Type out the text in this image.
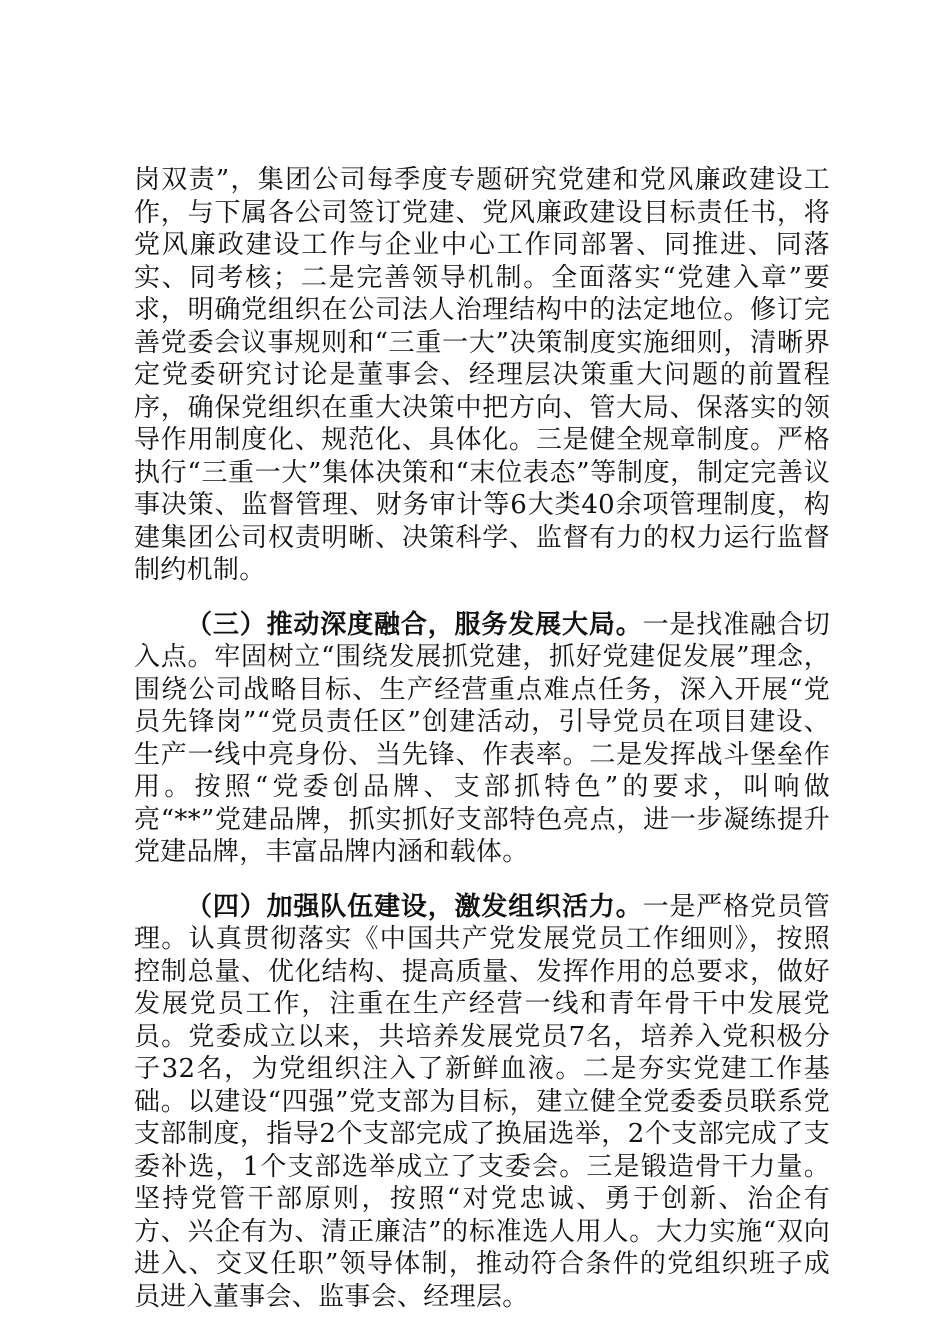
岗双责”，集团公司每季度专题研究党建和党风廉政建设工作，与下属各公司签订党建、党风廉政建设目标责任书，将党风廉政建设工作与企业中心工作同部署、同推进、同落实、同考核；二是完善领导机制。全面落实“党建入章”要求，明确党组织在公司法人治理结构中的法定地位。修订完善党委会议事规则和“三重一大”决策制度实施细则，清晰界定党委研究讨论是董事会、经理层决策重大问题的前置程序，确保党组织在重大决策中把方向、管大局、保落实的领导作用制度化、规范化、具体化。三是健全规章制度。严格执行“三重一大”集体决策和“末位表态”等制度，制定完善议事决策、监督管理、财务审计等6大类40余项管理制度，构建集团公司权责明晰、决策科学、监督有力的权力运行监督制约机制。

（三）推动深度融合，服务发展大局。一是找准融合切入点。牢固树立“围绕发展抓党建，抓好党建促发展”理念，围绕公司战略目标、生产经营重点难点任务，深入开展“党员先锋岗”“党员责任区”创建活动，引导党员在项目建设、生产一线中亮身份、当先锋、作表率。二是发挥战斗堡垒作用。按照“党委创品牌、支部抓特色”的要求，叫响做亮“**”党建品牌，抓实抓好支部特色亮点，进一步凝练提升党建品牌，丰富品牌内涵和载体。

（四）加强队伍建设，激发组织活力。一是严格党员管理。认真贯彻落实《中国共产党发展党员工作细则》，按照控制总量、优化结构、提高质量、发挥作用的总要求，做好发展党员工作，注重在生产经营一线和青年骨干中发展党员。党委成立以来，共培养发展党员7名，培养入党积极分子32名，为党组织注入了新鲜血液。二是夯实党建工作基础。以建设“四强”党支部为目标，建立健全党委委员联系党支部制度，指导2个支部完成了换届选举，2个支部完成了支委补选，1个支部选举成立了支委会。三是锻造骨干力量。坚持党管干部原则，按照“对党忠诚、勇于创新、治企有方、兴企有为、清正廉洁”的标准选人用人。大力实施“双向进入、交叉任职”领导体制，推动符合条件的党组织班子成员进入董事会、监事会、经理层。
